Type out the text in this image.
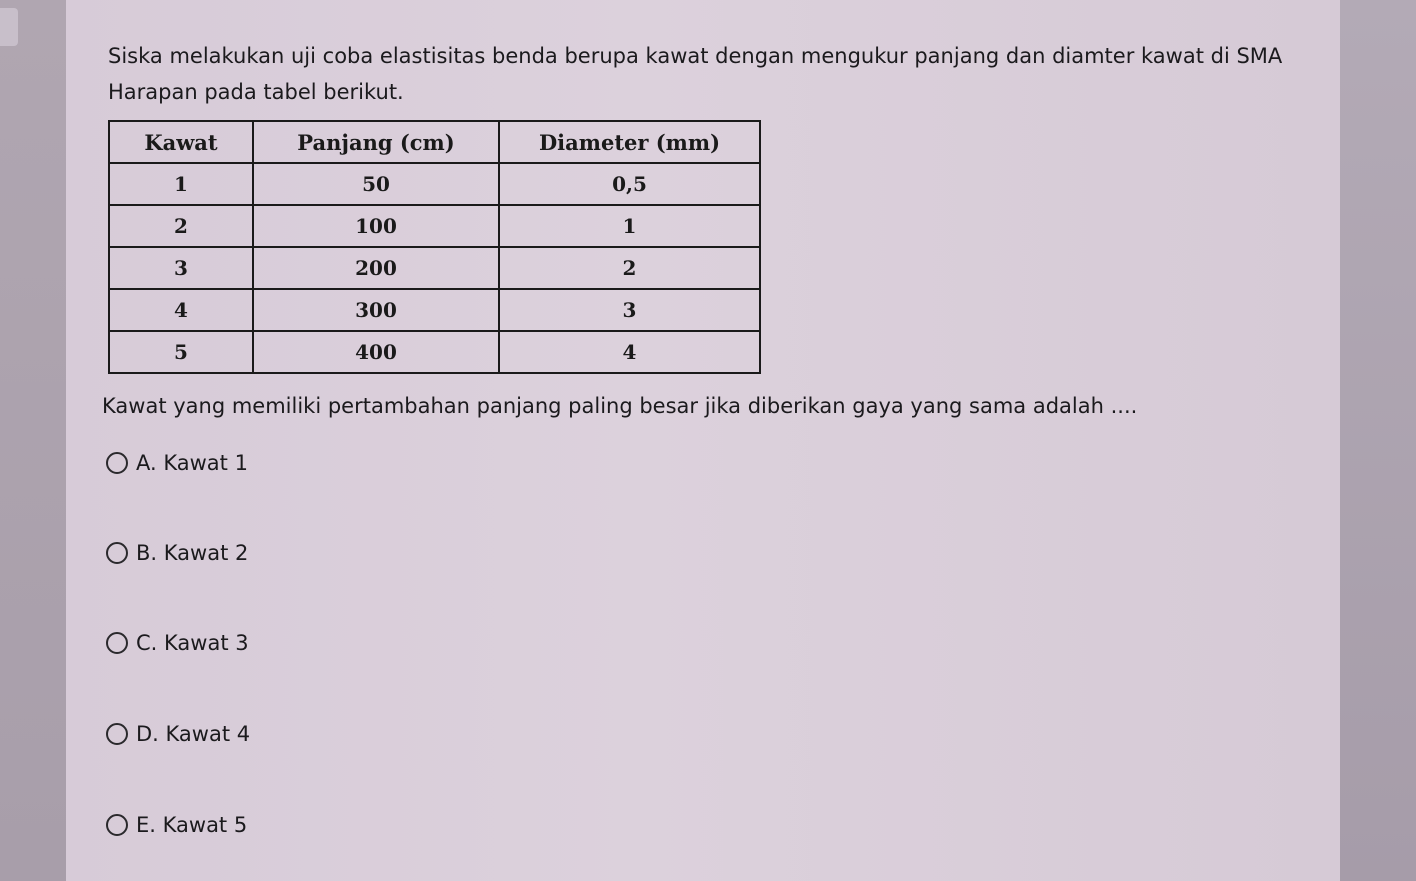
Siska melakukan uji coba elastisitas benda berupa kawat dengan mengukur panjang dan diamter kawat di SMA Harapan pada tabel berikut.

Kawat	Panjang (cm)	Diameter (mm)
1	50	0,5
2	100	1
3	200	2
4	300	3
5	400	4

Kawat yang memiliki pertambahan panjang paling besar jika diberikan gaya yang sama adalah ....

A. Kawat 1
B. Kawat 2
C. Kawat 3
D. Kawat 4
E. Kawat 5
